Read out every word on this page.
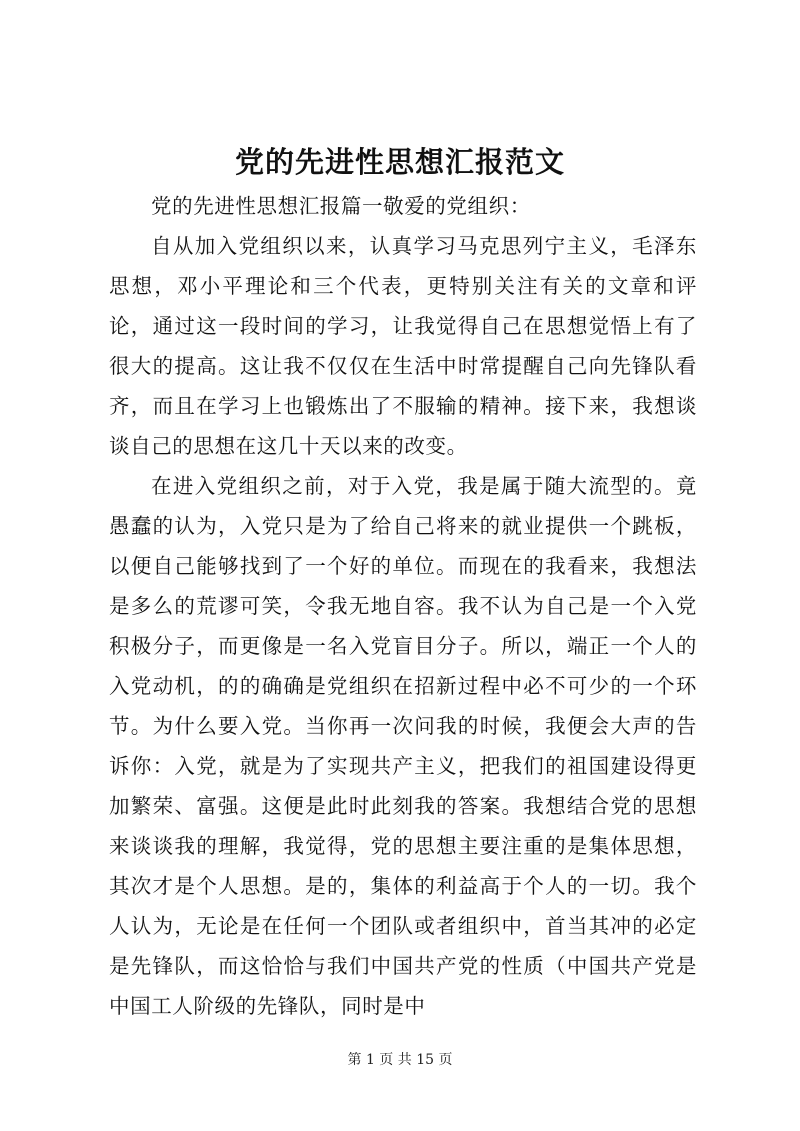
党的先进性思想汇报范文

党的先进性思想汇报篇一敬爱的党组织：

自从加入党组织以来，认真学习马克思列宁主义，毛泽东思想，邓小平理论和三个代表，更特别关注有关的文章和评论，通过这一段时间的学习，让我觉得自己在思想觉悟上有了很大的提高。这让我不仅仅在生活中时常提醒自己向先锋队看齐，而且在学习上也锻炼出了不服输的精神。接下来，我想谈谈自己的思想在这几十天以来的改变。

在进入党组织之前，对于入党，我是属于随大流型的。竟愚蠢的认为，入党只是为了给自己将来的就业提供一个跳板，以便自己能够找到了一个好的单位。而现在的我看来，我想法是多么的荒谬可笑，令我无地自容。我不认为自己是一个入党积极分子，而更像是一名入党盲目分子。所以，端正一个人的入党动机，的的确确是党组织在招新过程中必不可少的一个环节。为什么要入党。当你再一次问我的时候，我便会大声的告诉你：入党，就是为了实现共产主义，把我们的祖国建设得更加繁荣、富强。这便是此时此刻我的答案。我想结合党的思想来谈谈我的理解，我觉得，党的思想主要注重的是集体思想，其次才是个人思想。是的，集体的利益高于个人的一切。我个人认为，无论是在任何一个团队或者组织中，首当其冲的必定是先锋队，而这恰恰与我们中国共产党的性质（中国共产党是中国工人阶级的先锋队，同时是中

第 1 页 共 15 页
